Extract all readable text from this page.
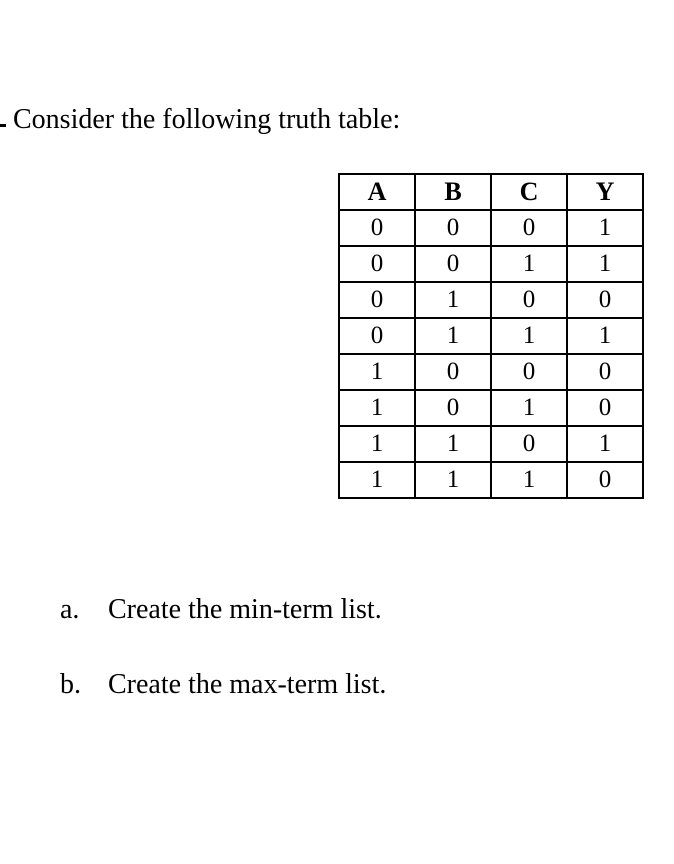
Consider the following truth table:
A	B	C	Y
0	0	0	1
0	0	1	1
0	1	0	0
0	1	1	1
1	0	0	0
1	0	1	0
1	1	0	1
1	1	1	0
a. Create the min-term list.
b. Create the max-term list.
